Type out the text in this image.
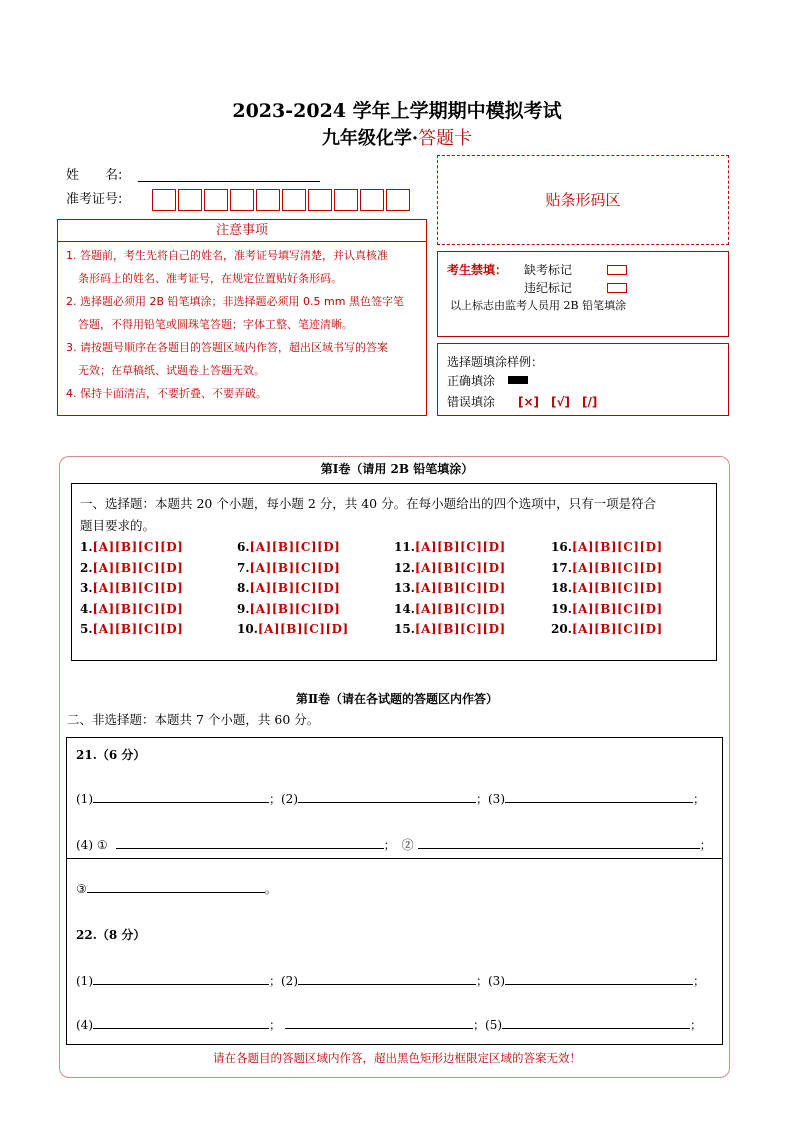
2023-2024 学年上学期期中模拟考试
九年级化学·答题卡
姓　　名:
准考证号:	贴条形码区
注意事项
1. 答题前，考生先将自己的姓名，准考证号填写清楚，并认真核准
条形码上的姓名、准考证号，在规定位置贴好条形码。
2. 选择题必须用 2B 铅笔填涂；非选择题必须用 0.5 mm 黑色签字笔
答题，不得用铅笔或圆珠笔答题；字体工整、笔迹清晰。
3. 请按题号顺序在各题目的答题区域内作答，超出区域书写的答案
无效；在草稿纸、试题卷上答题无效。
4. 保持卡面清洁，不要折叠、不要弄破。
考生禁填： 缺考标记
违纪标记
以上标志由监考人员用 2B 铅笔填涂
选择题填涂样例：
正确填涂
错误填涂 [×]　[√]　[/]
第Ⅰ卷（请用 2B 铅笔填涂）
一、选择题：本题共 20 个小题，每小题 2 分，共 40 分。在每小题给出的四个选项中，只有一项是符合
题目要求的。
1.[A][B][C][D]
2.[A][B][C][D]
3.[A][B][C][D]
4.[A][B][C][D]
5.[A][B][C][D]
6.[A][B][C][D]
7.[A][B][C][D]
8.[A][B][C][D]
9.[A][B][C][D]
10.[A][B][C][D]
11.[A][B][C][D]
12.[A][B][C][D]
13.[A][B][C][D]
14.[A][B][C][D]
15.[A][B][C][D]
16.[A][B][C][D]
17.[A][B][C][D]
18.[A][B][C][D]
19.[A][B][C][D]
20.[A][B][C][D]
第Ⅱ卷（请在各试题的答题区内作答）
二、非选择题：本题共 7 个小题，共 60 分。
21.（6 分）
(1)	；(2)	；(3)	；
(4) ①	；　②	；
③	。
22.（8 分）
(1)	；(2)	；(3)	；
(4)	；	；(5)	；
请在各题目的答题区域内作答，超出黑色矩形边框限定区域的答案无效！
